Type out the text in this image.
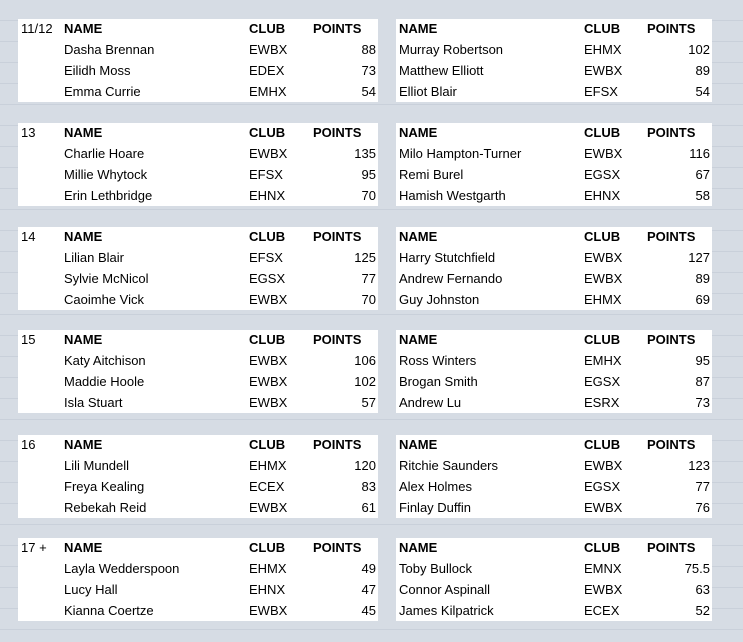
11/12 NAME	CLUB POINTS
Dasha Brennan	EWBX	88
Eilidh Moss	EDEX	73
Emma Currie	EMHX	54
NAME	CLUB POINTS
Murray Robertson	EHMX	102
Matthew Elliott	EWBX	89
Elliot Blair	EFSX	54
13 NAME	CLUB POINTS
Charlie Hoare	EWBX	135
Millie Whytock	EFSX	95
Erin Lethbridge	EHNX	70
NAME	CLUB POINTS
Milo Hampton-Turner	EWBX	116
Remi Burel	EGSX	67
Hamish Westgarth	EHNX	58
14 NAME	CLUB POINTS
Lilian Blair	EFSX	125
Sylvie McNicol	EGSX	77
Caoimhe Vick	EWBX	70
NAME	CLUB POINTS
Harry Stutchfield	EWBX	127
Andrew Fernando	EWBX	89
Guy Johnston	EHMX	69
15 NAME	CLUB POINTS
Katy Aitchison	EWBX	106
Maddie Hoole	EWBX	102
Isla Stuart	EWBX	57
NAME	CLUB POINTS
Ross Winters	EMHX	95
Brogan Smith	EGSX	87
Andrew Lu	ESRX	73
16 NAME	CLUB POINTS
Lili Mundell	EHMX	120
Freya Kealing	ECEX	83
Rebekah Reid	EWBX	61
NAME	CLUB POINTS
Ritchie Saunders	EWBX	123
Alex Holmes	EGSX	77
Finlay Duffin	EWBX	76
17 + NAME	CLUB POINTS
Layla Wedderspoon	EHMX	49
Lucy Hall	EHNX	47
Kianna Coertze	EWBX	45
NAME	CLUB POINTS
Toby Bullock	EMNX	75.5
Connor Aspinall	EWBX	63
James Kilpatrick	ECEX	52
